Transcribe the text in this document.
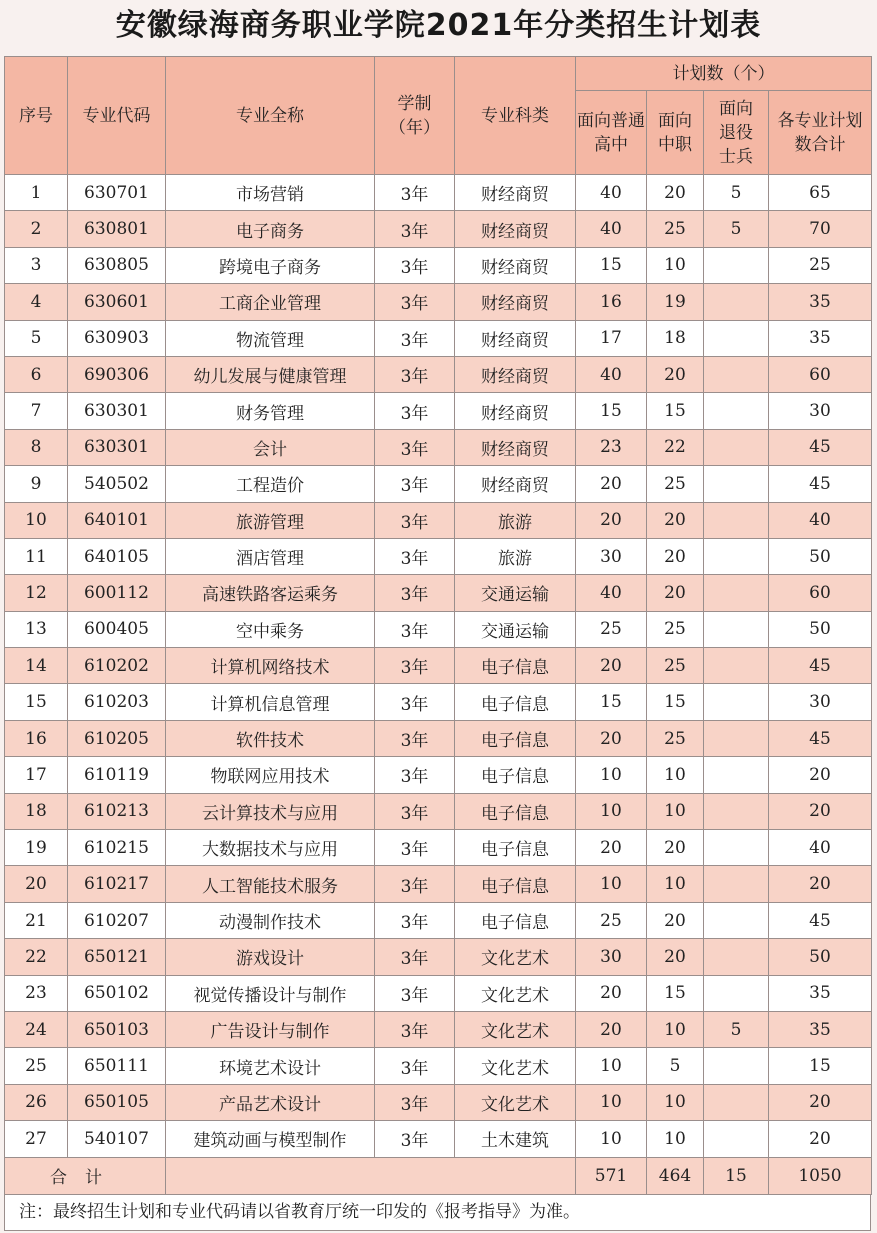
安徽绿海商务职业学院2021年分类招生计划表
序号	专业代码	专业全称	学制（年）	专业科类	计划数（个）			

					面向普通高中	面向中职	面向退役士兵	各专业计划数合计

1	630701	市场营销	3年	财经商贸	40	20	5	65
2	630801	电子商务	3年	财经商贸	40	25	5	70
3	630805	跨境电子商务	3年	财经商贸	15	10		25
4	630601	工商企业管理	3年	财经商贸	16	19		35
5	630903	物流管理	3年	财经商贸	17	18		35
6	690306	幼儿发展与健康管理	3年	财经商贸	40	20		60
7	630301	财务管理	3年	财经商贸	15	15		30
8	630301	会计	3年	财经商贸	23	22		45
9	540502	工程造价	3年	财经商贸	20	25		45
10	640101	旅游管理	3年	旅游	20	20		40
11	640105	酒店管理	3年	旅游	30	20		50
12	600112	高速铁路客运乘务	3年	交通运输	40	20		60
13	600405	空中乘务	3年	交通运输	25	25		50
14	610202	计算机网络技术	3年	电子信息	20	25		45
15	610203	计算机信息管理	3年	电子信息	15	15		30
16	610205	软件技术	3年	电子信息	20	25		45
17	610119	物联网应用技术	3年	电子信息	10	10		20
18	610213	云计算技术与应用	3年	电子信息	10	10		20
19	610215	大数据技术与应用	3年	电子信息	20	20		40
20	610217	人工智能技术服务	3年	电子信息	10	10		20
21	610207	动漫制作技术	3年	电子信息	25	20		45
22	650121	游戏设计	3年	文化艺术	30	20		50
23	650102	视觉传播设计与制作	3年	文化艺术	20	15		35
24	650103	广告设计与制作	3年	文化艺术	20	10	5	35
25	650111	环境艺术设计	3年	文化艺术	10	5		15
26	650105	产品艺术设计	3年	文化艺术	10	10		20
27	540107	建筑动画与模型制作	3年	土木建筑	10	10		20
合计					571	464	15	1050
注：最终招生计划和专业代码请以省教育厅统一印发的《报考指导》为准。
